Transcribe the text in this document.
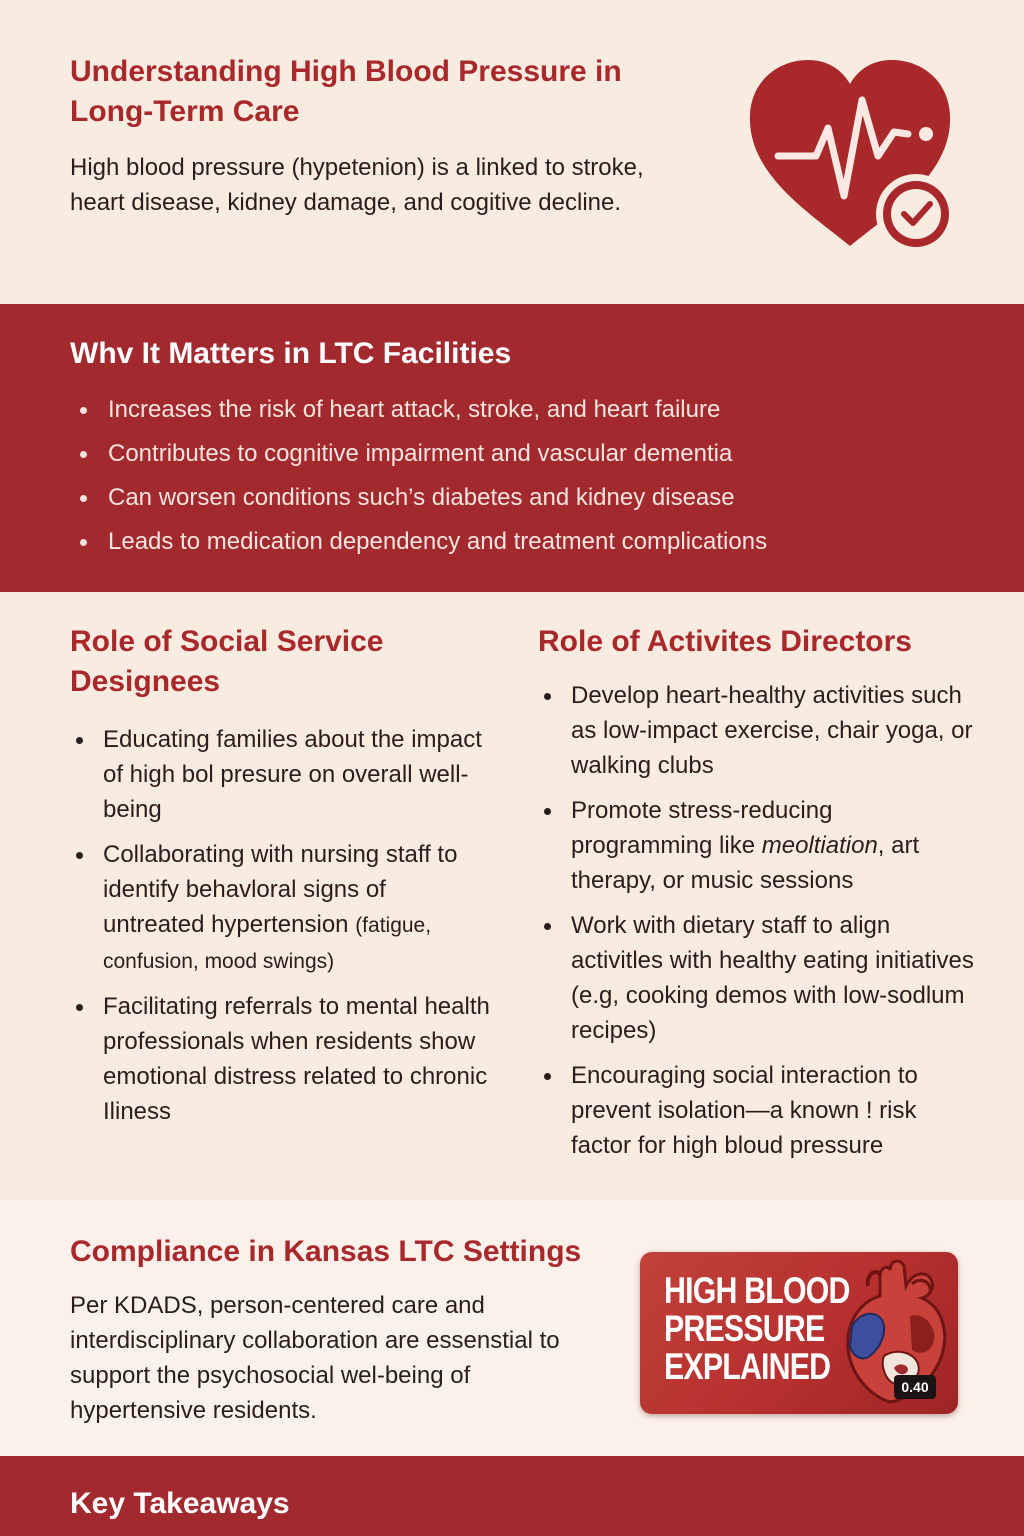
Understanding High Blood Pressure in Long-Term Care

High blood pressure (hypetenion) is a linked to stroke, heart disease, kidney damage, and cogitive decline.

Whv It Matters in LTC Facilities
Increases the risk of heart attack, stroke, and heart failure
Contributes to cognitive impairment and vascular dementia
Can worsen conditions such’s diabetes and kidney disease
Leads to medication dependency and treatment complications
Role of Social Service Designees
Educating families about the impact of high bol presure on overall well-being
Collaborating with nursing staff to identify behavloral signs of untreated hypertension (fatigue, confusion, mood swings)
Facilitating referrals to mental health professionals when residents show emotional distress related to chronic Iliness
Role of Activites Directors
Develop heart-healthy activities such as low-impact exercise, chair yoga, or walking clubs
Promote stress-reducing programming like meoltiation, art therapy, or music sessions
Work with dietary staff to align activitles with healthy eating initiatives (e.g, cooking demos with low-sodlum recipes)
Encouraging social interaction to prevent isolation—a known ! risk factor for high bloud pressure
Compliance in Kansas LTC Settings

Per KDADS, person-centered care and interdisciplinary collaboration are essenstial to support the psychosocial wel-being of hypertensive residents.

HIGH BLOOD
PRESSURE
EXPLAINED	0.40
Key Takeaways
